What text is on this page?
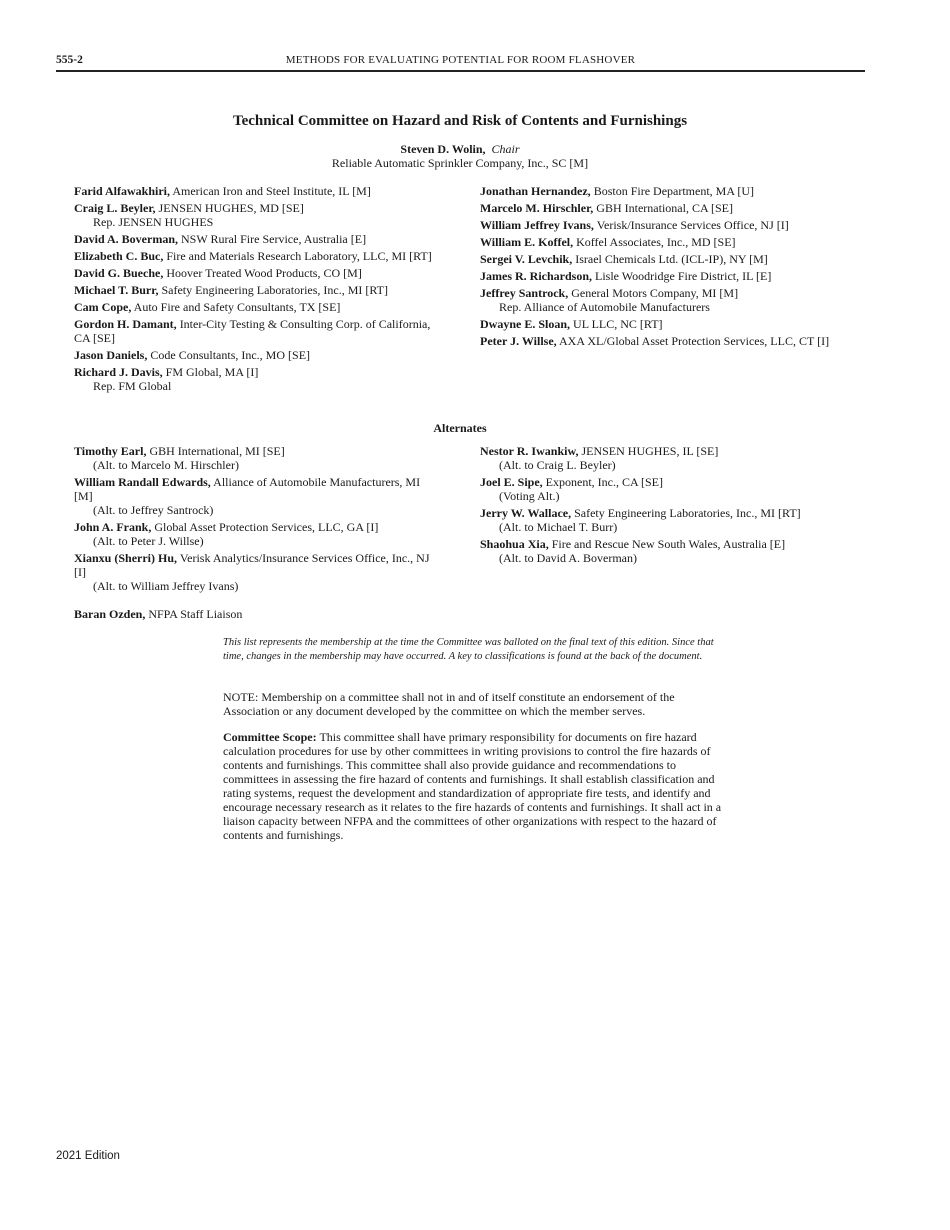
555-2	METHODS FOR EVALUATING POTENTIAL FOR ROOM FLASHOVER
Technical Committee on Hazard and Risk of Contents and Furnishings
Steven D. Wolin, Chair
Reliable Automatic Sprinkler Company, Inc., SC [M]
Farid Alfawakhiri, American Iron and Steel Institute, IL [M]
Craig L. Beyler, JENSEN HUGHES, MD [SE]
Rep. JENSEN HUGHES
David A. Boverman, NSW Rural Fire Service, Australia [E]
Elizabeth C. Buc, Fire and Materials Research Laboratory, LLC, MI [RT]
David G. Bueche, Hoover Treated Wood Products, CO [M]
Michael T. Burr, Safety Engineering Laboratories, Inc., MI [RT]
Cam Cope, Auto Fire and Safety Consultants, TX [SE]
Gordon H. Damant, Inter-City Testing & Consulting Corp. of California, CA [SE]
Jason Daniels, Code Consultants, Inc., MO [SE]
Richard J. Davis, FM Global, MA [I]
Rep. FM Global
Jonathan Hernandez, Boston Fire Department, MA [U]
Marcelo M. Hirschler, GBH International, CA [SE]
William Jeffrey Ivans, Verisk/Insurance Services Office, NJ [I]
William E. Koffel, Koffel Associates, Inc., MD [SE]
Sergei V. Levchik, Israel Chemicals Ltd. (ICL-IP), NY [M]
James R. Richardson, Lisle Woodridge Fire District, IL [E]
Jeffrey Santrock, General Motors Company, MI [M]
Rep. Alliance of Automobile Manufacturers
Dwayne E. Sloan, UL LLC, NC [RT]
Peter J. Willse, AXA XL/Global Asset Protection Services, LLC, CT [I]
Alternates
Timothy Earl, GBH International, MI [SE]
(Alt. to Marcelo M. Hirschler)
William Randall Edwards, Alliance of Automobile Manufacturers, MI [M]
(Alt. to Jeffrey Santrock)
John A. Frank, Global Asset Protection Services, LLC, GA [I]
(Alt. to Peter J. Willse)
Xianxu (Sherri) Hu, Verisk Analytics/Insurance Services Office, Inc., NJ [I]
(Alt. to William Jeffrey Ivans)
Nestor R. Iwankiw, JENSEN HUGHES, IL [SE]
(Alt. to Craig L. Beyler)
Joel E. Sipe, Exponent, Inc., CA [SE]
(Voting Alt.)
Jerry W. Wallace, Safety Engineering Laboratories, Inc., MI [RT]
(Alt. to Michael T. Burr)
Shaohua Xia, Fire and Rescue New South Wales, Australia [E]
(Alt. to David A. Boverman)
Baran Ozden, NFPA Staff Liaison
This list represents the membership at the time the Committee was balloted on the final text of this edition. Since that time, changes in the membership may have occurred. A key to classifications is found at the back of the document.
NOTE: Membership on a committee shall not in and of itself constitute an endorsement of the Association or any document developed by the committee on which the member serves.
Committee Scope: This committee shall have primary responsibility for documents on fire hazard calculation procedures for use by other committees in writing provisions to control the fire hazards of contents and furnishings. This committee shall also provide guidance and recommendations to committees in assessing the fire hazard of contents and furnishings. It shall establish classification and rating systems, request the development and standardization of appropriate fire tests, and identify and encourage necessary research as it relates to the fire hazards of contents and furnishings. It shall act in a liaison capacity between NFPA and the committees of other organizations with respect to the hazard of contents and furnishings.
2021 Edition
